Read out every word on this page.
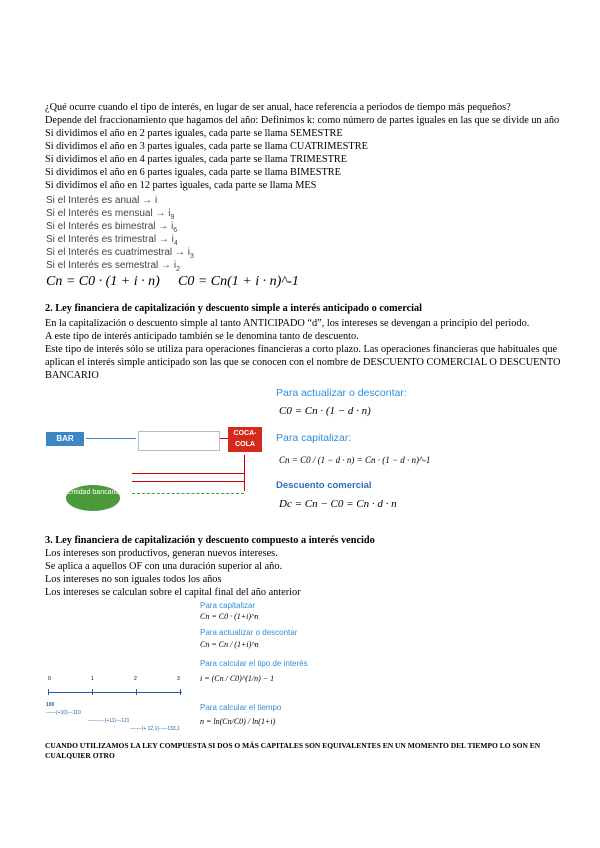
¿Qué ocurre cuando el tipo de interés, en lugar de ser anual, hace referencia a periodos de tiempo más pequeños?
Depende del fraccionamiento que hagamos del año: Definimos k: como número de partes iguales en las que se divide un año
Si dividimos el año en 2 partes iguales, cada parte se llama SEMESTRE
Si dividimos el año en 3 partes iguales, cada parte se llama CUATRIMESTRE
Si dividimos el año en 4 partes iguales, cada parte se llama TRIMESTRE
Si dividimos el año en 6 partes iguales, cada parte se llama BIMESTRE
Si dividimos el año en 12 partes iguales, cada parte se llama MES
Si el Interés es anual → i
Si el Interés es mensual → $i_9$
Si el Interés es bimestral → $i_6$
Si el Interés es trimestral → $i_4$
Si el Interés es cuatrimestral → $i_3$
Si el Interés es semestral → $i_2$
Cn = C0 · (1 + i · n) C0 = Cn(1 + i · n)^-1
2. Ley financiera de capitalización y descuento simple a interés anticipado o comercial
En la capitalización o descuento simple al tanto ANTICIPADO “d”, los intereses se devengan a principio del periodo.
A este tipo de interés anticipado también se le denomina tanto de descuento.
Este tipo de interés sólo se utiliza para operaciones financieras a corto plazo. Las operaciones financieras que habituales que
aplican el interés simple anticipado son las que se conocen con el nombre de DESCUENTO COMERCIAL O DESCUENTO
BANCARIO
BAR
COCA-COLA
Entidad bancaria
Para actualizar o descontar:
C0 = Cn · (1 − d · n)
Para capitalizar:
Cn = C0 / (1 − d · n) = Cn · (1 − d · n)^-1
Descuento comercial
Dc = Cn − C0 = Cn · d · n
3. Ley financiera de capitalización y descuento compuesto a interés vencido
Los intereses son productivos, generan nuevos intereses.
Se aplica a aquellos OF con una duración superior al año.
Los intereses no son iguales todos los años
Los intereses se calculan sobre el capital final del año anterior
Para capitalizar
Cn = C0 · (1+i)^n
Para actualizar o descontar
Cn = Cn / (1+i)^n
Para calcular el tipo de interés
i = (Cn / C0)^(1/n) − 1
Para calcular el tiempo
n = ln(Cn/C0) / ln(1+i)
0	1	2	3
100
------(+10)---110
----------(+11)---121
-------(+ 12,1)-----133,1
CUANDO UTILIZAMOS LA LEY COMPUESTA SI DOS O MÁS CAPITALES SON EQUIVALENTES EN UN MOMENTO DEL TIEMPO LO SON EN CUALQUIER OTRO
